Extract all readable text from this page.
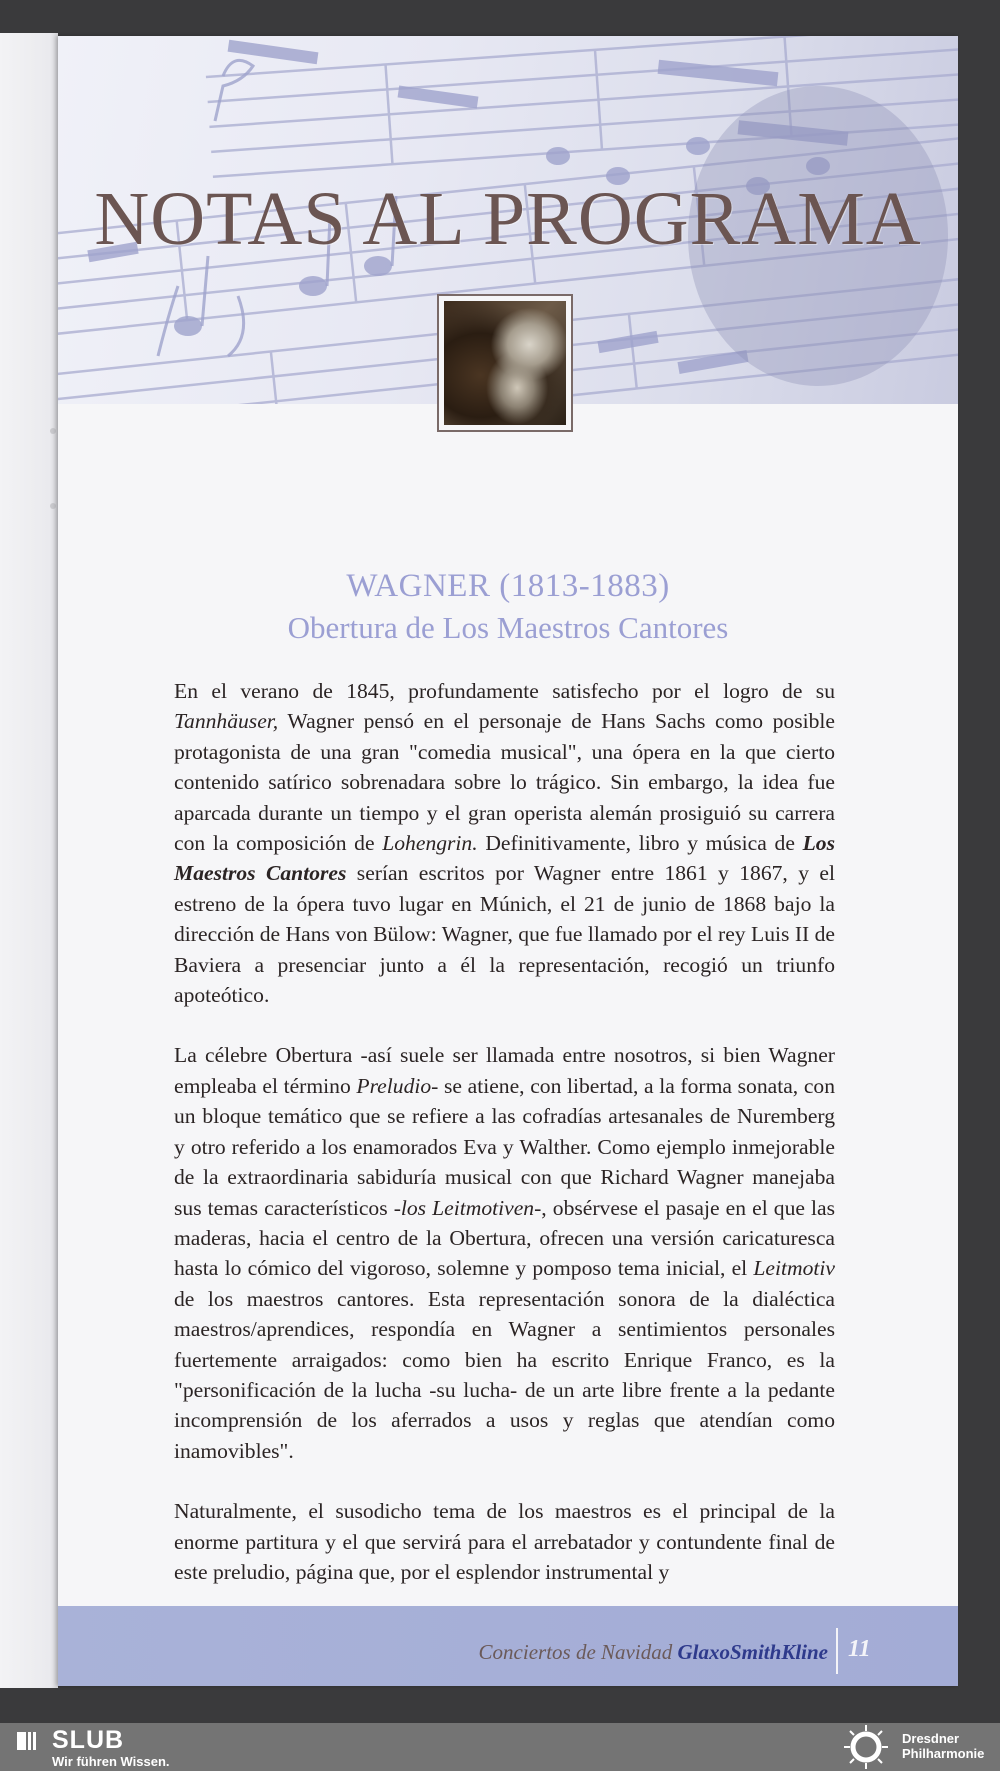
NOTAS AL PROGRAMA
WAGNER (1813-1883)
Obertura de Los Maestros Cantores

En el verano de 1845, profundamente satisfecho por el logro de su Tannhäuser, Wagner pensó en el personaje de Hans Sachs como posible protagonista de una gran "comedia musical", una ópera en la que cierto contenido satírico sobrenadara sobre lo trágico. Sin embargo, la idea fue aparcada durante un tiempo y el gran operista alemán prosiguió su carrera con la composición de Lohengrin. Definitivamente, libro y música de Los Maestros Cantores serían escritos por Wagner entre 1861 y 1867, y el estreno de la ópera tuvo lugar en Múnich, el 21 de junio de 1868 bajo la dirección de Hans von Bülow: Wagner, que fue llamado por el rey Luis II de Baviera a presenciar junto a él la representación, recogió un triunfo apoteótico.

La célebre Obertura -así suele ser llamada entre nosotros, si bien Wagner empleaba el término Preludio- se atiene, con libertad, a la forma sonata, con un bloque temático que se refiere a las cofradías artesanales de Nuremberg y otro referido a los enamorados Eva y Walther. Como ejemplo inmejorable de la extraordinaria sabiduría musical con que Richard Wagner manejaba sus temas característicos -los Leitmotiven-, obsérvese el pasaje en el que las maderas, hacia el centro de la Obertura, ofrecen una versión caricaturesca hasta lo cómico del vigoroso, solemne y pomposo tema inicial, el Leitmotiv de los maestros cantores. Esta representación sonora de la dialéctica maestros/aprendices, respondía en Wagner a sentimientos personales fuertemente arraigados: como bien ha escrito Enrique Franco, es la "personificación de la lucha -su lucha- de un arte libre frente a la pedante incomprensión de los aferrados a usos y reglas que atendían como inamovibles".

Naturalmente, el susodicho tema de los maestros es el principal de la enorme partitura y el que servirá para el arrebatador y contundente final de este preludio, página que, por el esplendor instrumental y

Conciertos de Navidad GlaxoSmithKline 11
SLUB
Wir führen Wissen.
Dresdner
Philharmonie
